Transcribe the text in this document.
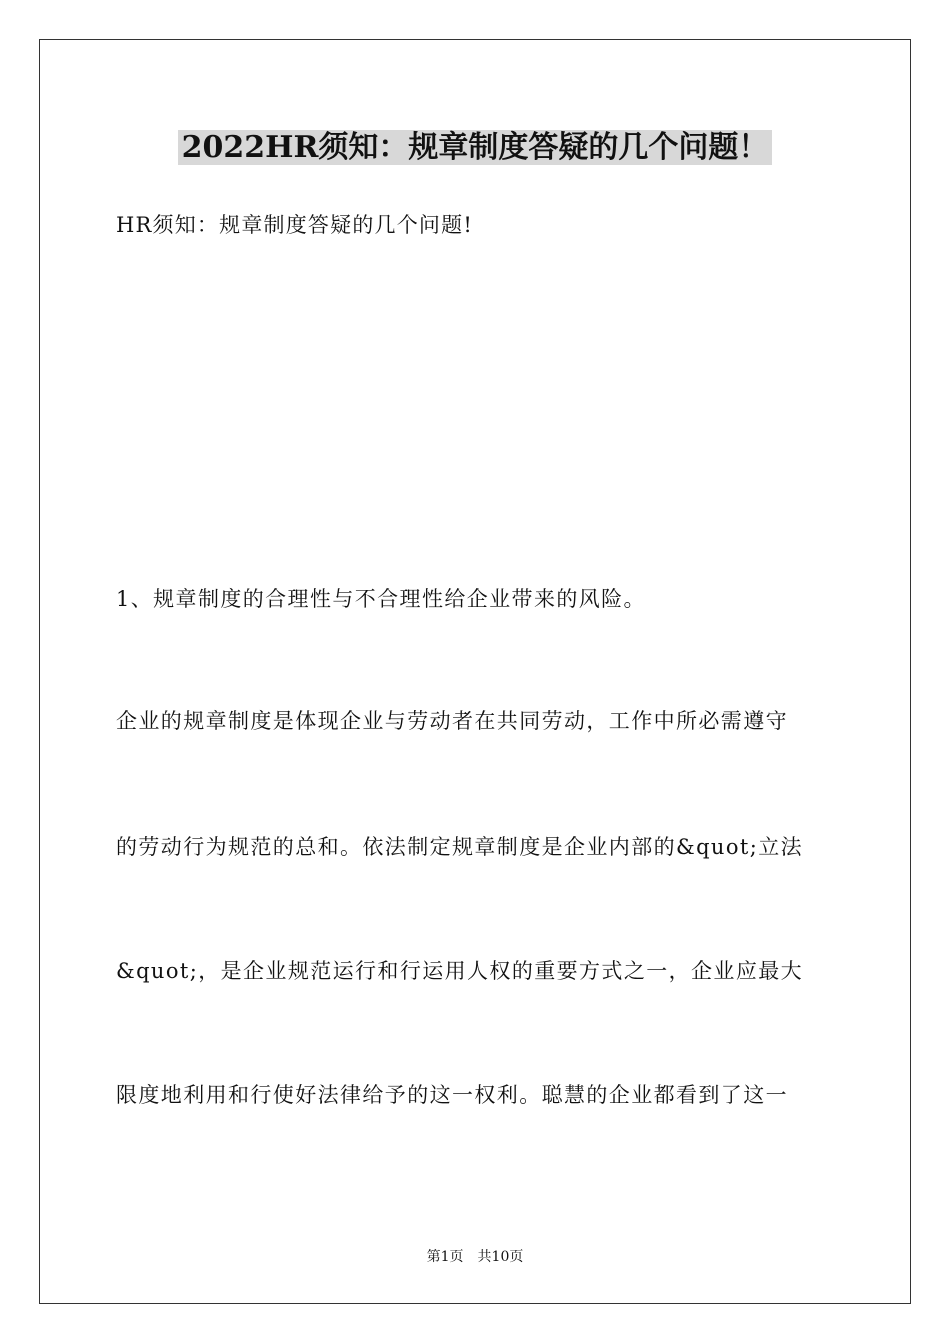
2022HR须知：规章制度答疑的几个问题！

HR须知：规章制度答疑的几个问题!

1、规章制度的合理性与不合理性给企业带来的风险。

企业的规章制度是体现企业与劳动者在共同劳动，工作中所必需遵守

的劳动行为规范的总和。依法制定规章制度是企业内部的&quot;立法

&quot;，是企业规范运行和行运用人权的重要方式之一，企业应最大

限度地利用和行使好法律给予的这一权利。聪慧的企业都看到了这一

第1页　共10页
